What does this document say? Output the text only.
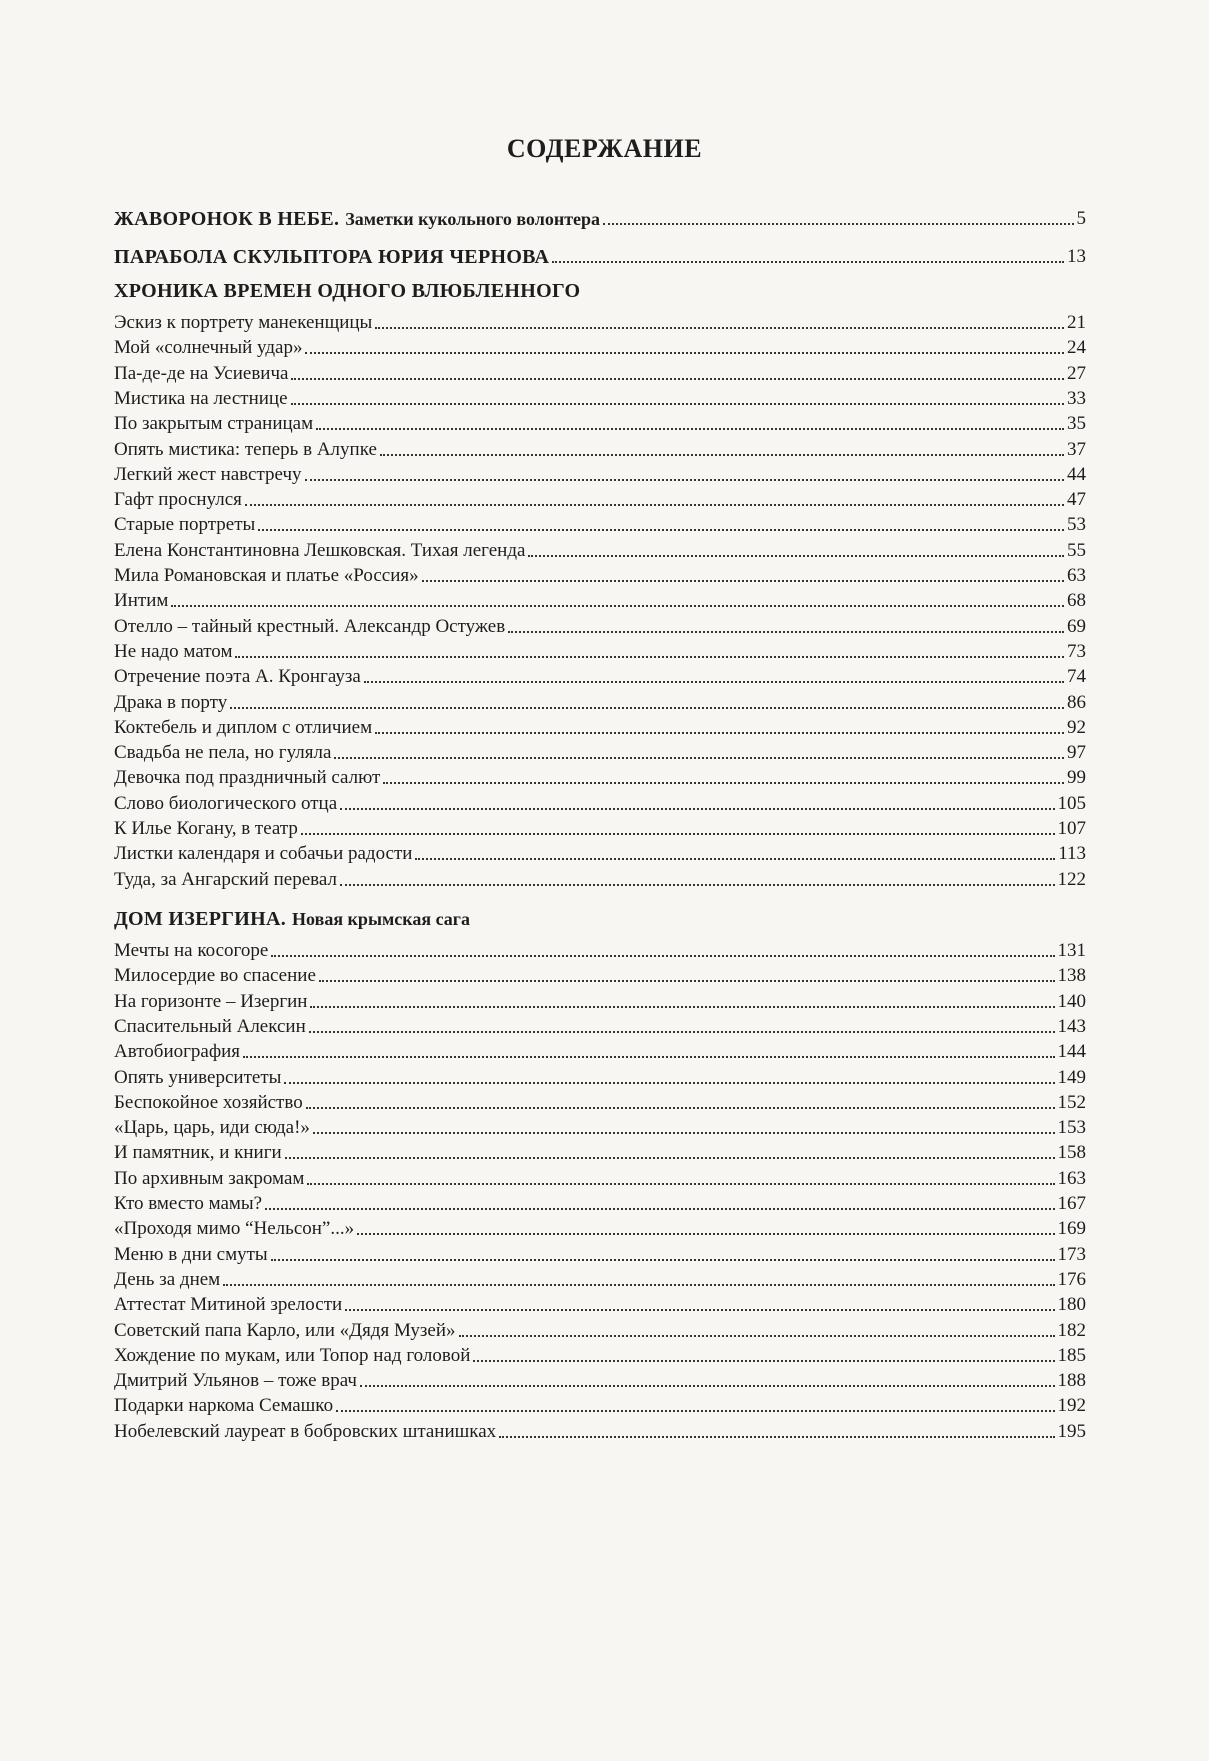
СОДЕРЖАНИЕ
ЖАВОРОНОК В НЕБЕ. Заметки кукольного волонтера	5
ПАРАБОЛА СКУЛЬПТОРА ЮРИЯ ЧЕРНОВА	13
ХРОНИКА ВРЕМЕН ОДНОГО ВЛЮБЛЕННОГО
Эскиз к портрету манекенщицы	21
Мой «солнечный удар»	24
Па-де-де на Усиевича	27
Мистика на лестнице	33
По закрытым страницам	35
Опять мистика: теперь в Алупке	37
Легкий жест навстречу	44
Гафт проснулся	47
Старые портреты	53
Елена Константиновна Лешковская. Тихая легенда	55
Мила Романовская и платье «Россия»	63
Интим	68
Отелло – тайный крестный. Александр Остужев	69
Не надо матом	73
Отречение поэта А. Кронгауза	74
Драка в порту	86
Коктебель и диплом с отличием	92
Свадьба не пела, но гуляла	97
Девочка под праздничный салют	99
Слово биологического отца	105
К Илье Когану, в театр	107
Листки календаря и собачьи радости	113
Туда, за Ангарский перевал	122
ДОМ ИЗЕРГИНА. Новая крымская сага
Мечты на косогоре	131
Милосердие во спасение	138
На горизонте – Изергин	140
Спасительный Алексин	143
Автобиография	144
Опять университеты	149
Беспокойное хозяйство	152
«Царь, царь, иди сюда!»	153
И памятник, и книги	158
По архивным закромам	163
Кто вместо мамы?	167
«Проходя мимо “Нельсон”...»	169
Меню в дни смуты	173
День за днем	176
Аттестат Митиной зрелости	180
Советский папа Карло, или «Дядя Музей»	182
Хождение по мукам, или Топор над головой	185
Дмитрий Ульянов – тоже врач	188
Подарки наркома Семашко	192
Нобелевский лауреат в бобровских штанишках	195
